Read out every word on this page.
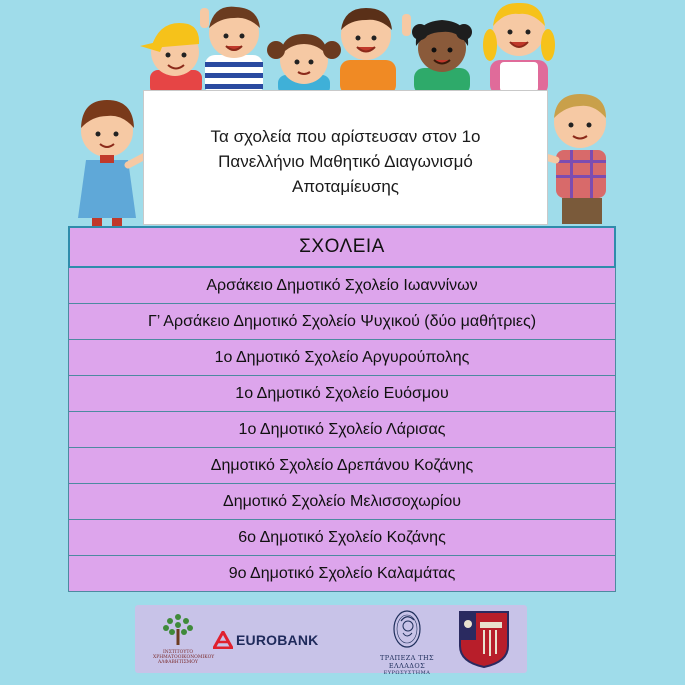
Τα σχολεία που αρίστευσαν στον 1ο Πανελλήνιο Μαθητικό Διαγωνισμό Αποταμίευσης
ΣΧΟΛΕΙΑ
Αρσάκειο Δημοτικό Σχολείο Ιωαννίνων
Γ’ Αρσάκειο Δημοτικό Σχολείο Ψυχικού (δύο μαθήτριες)
1ο Δημοτικό Σχολείο Αργυρούπολης
1ο Δημοτικό Σχολείο Ευόσμου
1ο Δημοτικό Σχολείο Λάρισας
Δημοτικό Σχολείο Δρεπάνου Κοζάνης
Δημοτικό Σχολείο Μελισσοχωρίου
6ο Δημοτικό Σχολείο Κοζάνης
9ο Δημοτικό Σχολείο Καλαμάτας
ΙΝΣΤΙΤΟΥΤΟ
ΧΡΗΜΑΤΟΟΙΚΟΝΟΜΙΚΟΥ
ΑΛΦΑΒΗΤΙΣΜΟΥ
EUROBANK
ΤΡΑΠΕΖΑ ΤΗΣ ΕΛΛΑΔΟΣ
ΕΥΡΩΣΥΣΤΗΜΑ
